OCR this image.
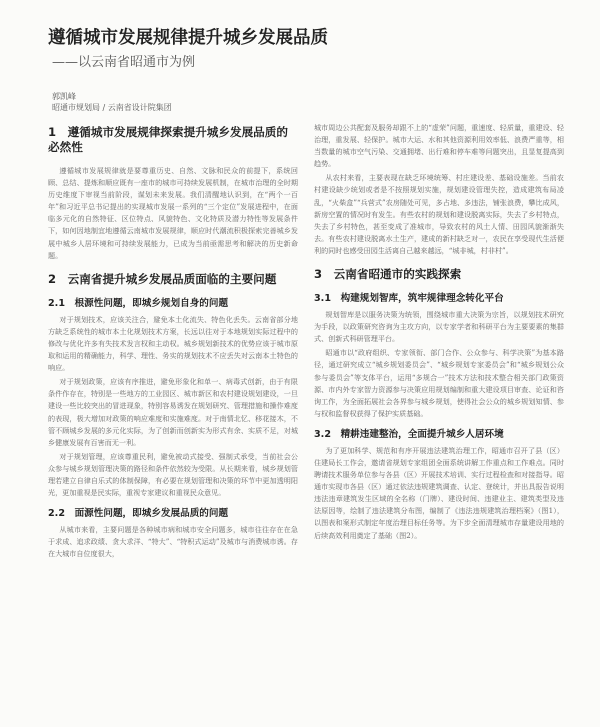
遵循城市发展规律提升城乡发展品质
——以云南省昭通市为例
郭凯峰
昭通市规划局 / 云南省设计院集团
1　遵循城市发展规律探索提升城乡发展品质的必然性

遵循城市发展规律就是要尊重历史、自然、文脉和民众的前提下，系统回顾、总结、提炼和顺应既有一座市的城市可持续发展机制，在城市治理的全时期历史维度下审视当前阶段，谋划未来发展。我们清醒地认识到，在“两个一百年”和习近平总书记提出的实现城市发展一系列的“三个定位”发展进程中，在面临多元化的自然特征、区位特点、风貌特色、文化特质及潜力特性等发展条件下，如何因地制宜地遵循云南城市发展规律，顺应时代潮流积极探索完善城乡发展中城乡人居环境和可持续发展能力，已成为当前亟需思考和解决的历史新命题。

2　云南省提升城乡发展品质面临的主要问题
2.1　根源性问题，即城乡规划自身的问题

对于规划技术，应该关注合，避免本土化流失、特色化丢失。云南省部分地方缺乏系统性的城市本土化规划技术方案，长远以往对于本地规划实际过程中的修改与优化许多有失技术发言权和主动权。城乡规划新技术的优势应该于城市原取和运用的精确能力，科学、理性、务实的规划技术不应丢失对云南本土特色的响应。

对于规划政策，应该有序推进，避免形象化和单一、病毒式创新，由于有限条件作存在，特别是一些地方的工业园区、城市新区和农村建设规划建设，一旦建设一些比较突出的冒进现象，特别容易诱发在规划研究、管理措施和操作难度的表现，极大增加对政策的响应难度和实施难度。对于南情北忆、移花接木，不管不顾城乡发展的多元化实际，为了创新而创新实为形式有余、实质不足，对城乡健康发展有百害而无一利。

对于规划管理，应该尊重民利，避免被动式接受、强制式承受，当前社会公众参与城乡规划管理决策的路径和条件依然较为受限。从长期来看，城乡规划管理若建立自律自乐式的体制保障，有必要在规划管理和决策的环节中更加透明阳光，更加重视是民实际，重视专家建议和重视民众意见。

2.2　面源性问题，即城乡发展品质的问题

从城市来看，主要问题是各种城市病和城市安全问题多，城市往往存在在急于求成、追求政绩、贪大求洋、“特大”、“特积式运动”及城市与消费城市诱。存在大城市自位度很大，

城市周边公共配套及服务却跟不上的“虚荣”问题，重速度、轻质量，重建设、轻治理，重发展、轻保护。城市大运、水和其他资源利用效率低、浪费严重等，相当数量的城市空气污染、交通拥堵、出行难和停车难等问题突出，且显复提高到趋势。

从农村来看，主要表现在缺乏环境统筹、村庄建设差、基础设施差。当前农村建设缺少统划或者是不按照规划实施，规划建设管理失控，造成建筑布局凌乱，“火柴盒”“兵营式”农房随处可见，多占地、多违法，铺张浪费，攀比成风，新房空置的情况时有发生。有些农村的规划和建设脱离实际，失去了乡村特点，失去了乡村特色，甚至变成了准城市，导致农村的风土人情、田园风貌渐渐失去。有些农村建设脱离水土生产，建成的新村缺乏对一，农民在享受现代生活便利的同时也感受田园生活离自己越来越远，“城非城，村非村”。

3　云南省昭通市的实践探索
3.1　构建规划智库，筑牢规律理念转化平台

规划智库是以服务决策为统领，围绕城市重大决策为宗旨，以规划技术研究为手段，以政策研究咨询为主攻方向，以专家学者和科研平台为主要要素的集群式、创新式科研管理平台。

昭通市以“政府组织、专家领衔、部门合作、公众参与、科学决策”为基本路径，通过研究成立“城乡规划委员会”、“城乡规划专家委员会”和“城乡规划公众参与委员会”等支体平台，运用“多规合一”技术方法和技术整合相关部门政策资源、市内外专家智力资源参与决策应用规划编制和重大建设项目审查、论证和咨询工作，为全面拓展社会各界参与城乡规划，使得社会公众的城乡规划知情、参与权和监督权获得了保护实质基础。

3.2　精耕违建整治，全面提升城乡人居环境

为了更加科学、规范和有序开展违法建筑治理工作，昭通市召开了县（区）住建局长工作会，邀请省规划专家组团全面系统讲解工作重点和工作难点。同时聘请技术服务单位参与各县（区）开展技术培训、实行过程检查和对接指导。昭通市实现市各县（区）通过依法违规建筑调查、认定、登统计，并出具报告说明违法违章建筑发生区域的全名称（门牌）、建设时间、违建业主、建筑类型及违法原因等，绘制了违法建筑分布图，编制了《违法违规建筑治理档案》（图1），以图表和案形式制定年度治理目标任务等。为下步全面清理城市存量建设用地的后续高效利用奠定了基础（图2）。
